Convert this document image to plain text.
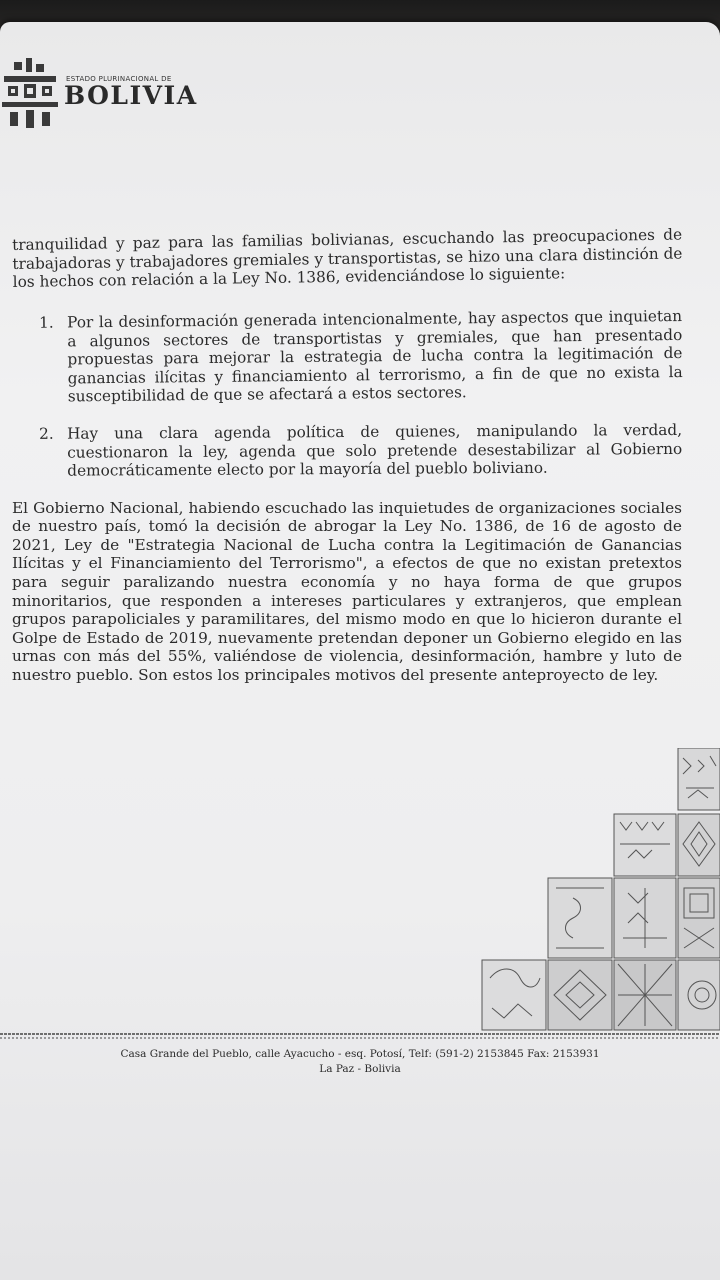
ESTADO PLURINACIONAL DE
BOLIVIA

tranquilidad y paz para las familias bolivianas, escuchando las preocupaciones de trabajadoras y trabajadores gremiales y transportistas, se hizo una clara distinción de los hechos con relación a la Ley No. 1386, evidenciándose lo siguiente:

1. Por la desinformación generada intencionalmente, hay aspectos que inquietan a algunos sectores de transportistas y gremiales, que han presentado propuestas para mejorar la estrategia de lucha contra la legitimación de ganancias ilícitas y financiamiento al terrorismo, a fin de que no exista la susceptibilidad de que se afectará a estos sectores.
2. Hay una clara agenda política de quienes, manipulando la verdad, cuestionaron la ley, agenda que solo pretende desestabilizar al Gobierno democráticamente electo por la mayoría del pueblo boliviano.

El Gobierno Nacional, habiendo escuchado las inquietudes de organizaciones sociales de nuestro país, tomó la decisión de abrogar la Ley No. 1386, de 16 de agosto de 2021, Ley de "Estrategia Nacional de Lucha contra la Legitimación de Ganancias Ilícitas y el Financiamiento del Terrorismo", a efectos de que no existan pretextos para seguir paralizando nuestra economía y no haya forma de que grupos minoritarios, que responden a intereses particulares y extranjeros, que emplean grupos parapoliciales y paramilitares, del mismo modo en que lo hicieron durante el Golpe de Estado de 2019, nuevamente pretendan deponer un Gobierno elegido en las urnas con más del 55%, valiéndose de violencia, desinformación, hambre y luto de nuestro pueblo. Son estos los principales motivos del presente anteproyecto de ley.

Casa Grande del Pueblo, calle Ayacucho - esq. Potosí, Telf: (591-2) 2153845 Fax: 2153931
La Paz - Bolivia
